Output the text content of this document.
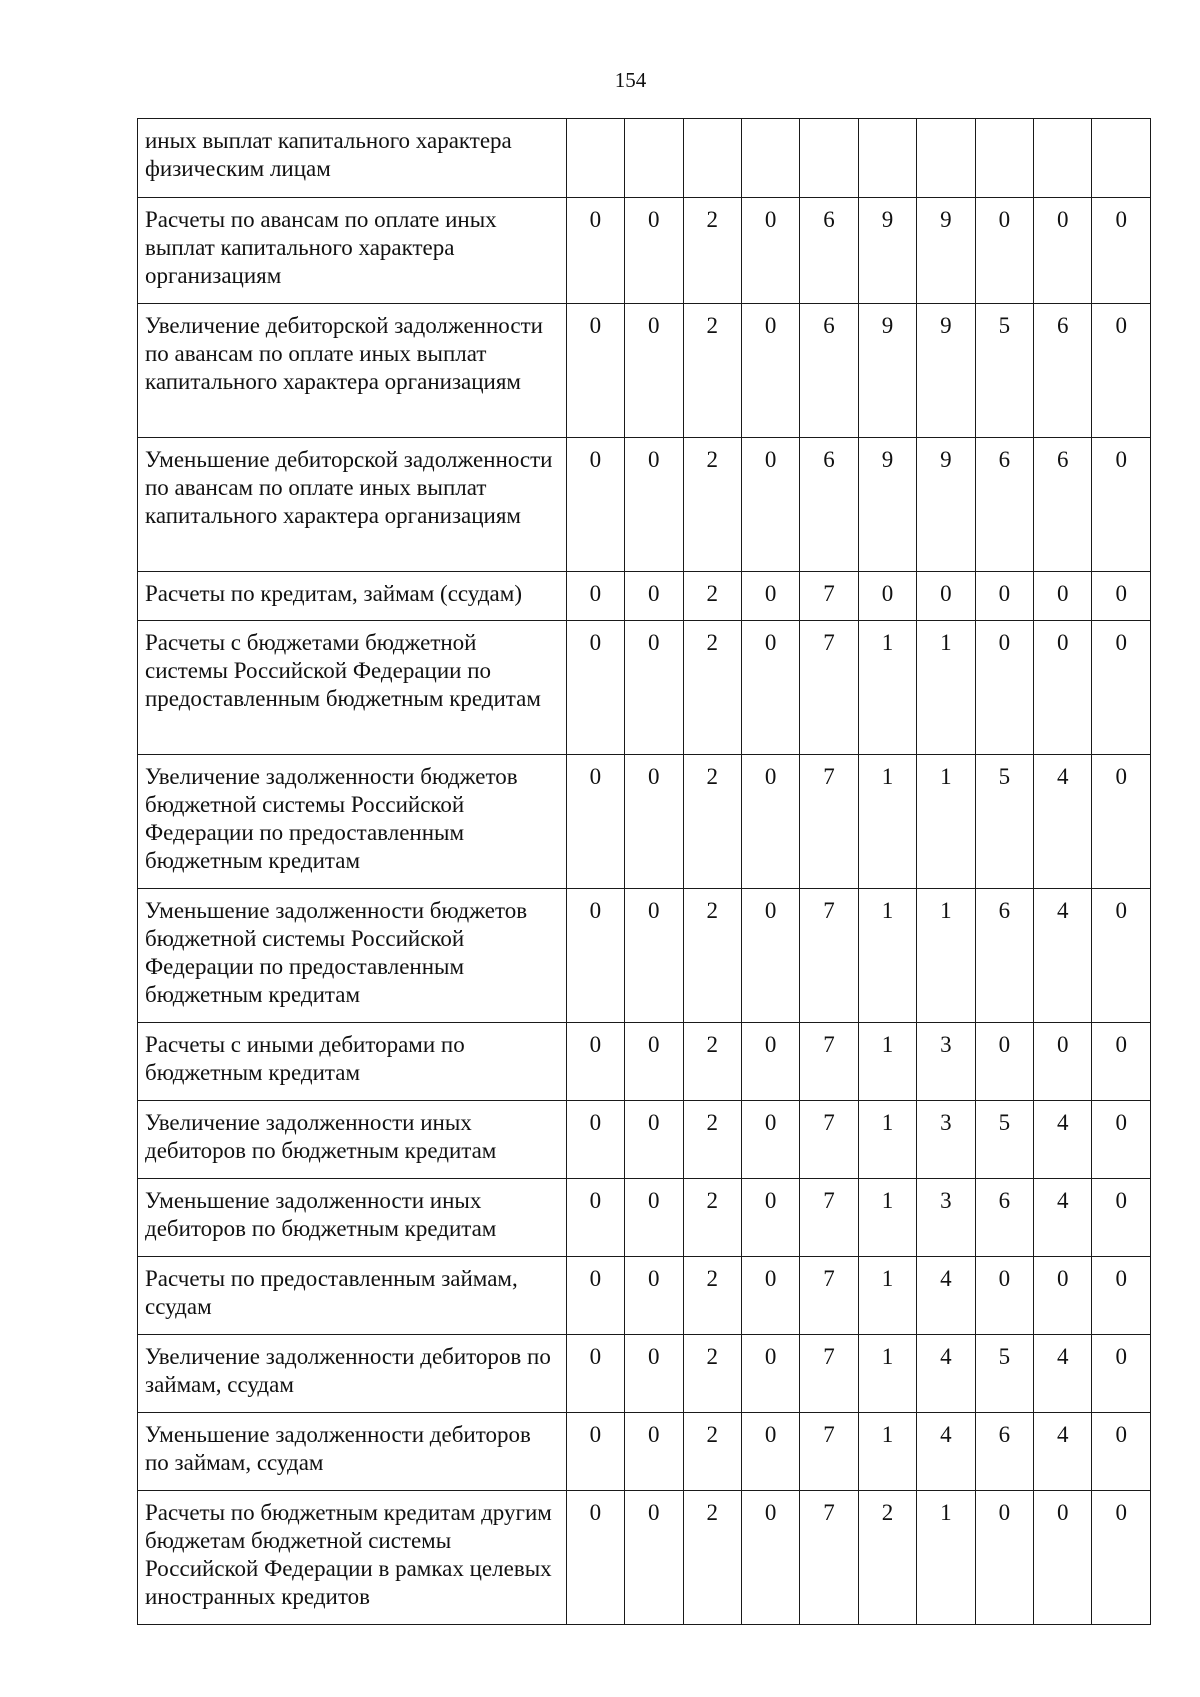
154
иных выплат капитального характера физическим лицам										
Расчеты по авансам по оплате иных выплат капитального характера организациям	0	0	2	0	6	9	9	0	0	0
Увеличение дебиторской задолженности по авансам по оплате иных выплат капитального характера организациям	0	0	2	0	6	9	9	5	6	0
Уменьшение дебиторской задолженности по авансам по оплате иных выплат капитального характера организациям	0	0	2	0	6	9	9	6	6	0
Расчеты по кредитам, займам (ссудам)	0	0	2	0	7	0	0	0	0	0
Расчеты с бюджетами бюджетной системы Российской Федерации по предоставленным бюджетным кредитам	0	0	2	0	7	1	1	0	0	0
Увеличение задолженности бюджетов бюджетной системы Российской Федерации по предоставленным бюджетным кредитам	0	0	2	0	7	1	1	5	4	0
Уменьшение задолженности бюджетов бюджетной системы Российской Федерации по предоставленным бюджетным кредитам	0	0	2	0	7	1	1	6	4	0
Расчеты с иными дебиторами по бюджетным кредитам	0	0	2	0	7	1	3	0	0	0
Увеличение задолженности иных дебиторов по бюджетным кредитам	0	0	2	0	7	1	3	5	4	0
Уменьшение задолженности иных дебиторов по бюджетным кредитам	0	0	2	0	7	1	3	6	4	0
Расчеты по предоставленным займам, ссудам	0	0	2	0	7	1	4	0	0	0
Увеличение задолженности дебиторов по займам, ссудам	0	0	2	0	7	1	4	5	4	0
Уменьшение задолженности дебиторов по займам, ссудам	0	0	2	0	7	1	4	6	4	0
Расчеты по бюджетным кредитам другим бюджетам бюджетной системы Российской Федерации в рамках целевых иностранных кредитов	0	0	2	0	7	2	1	0	0	0
